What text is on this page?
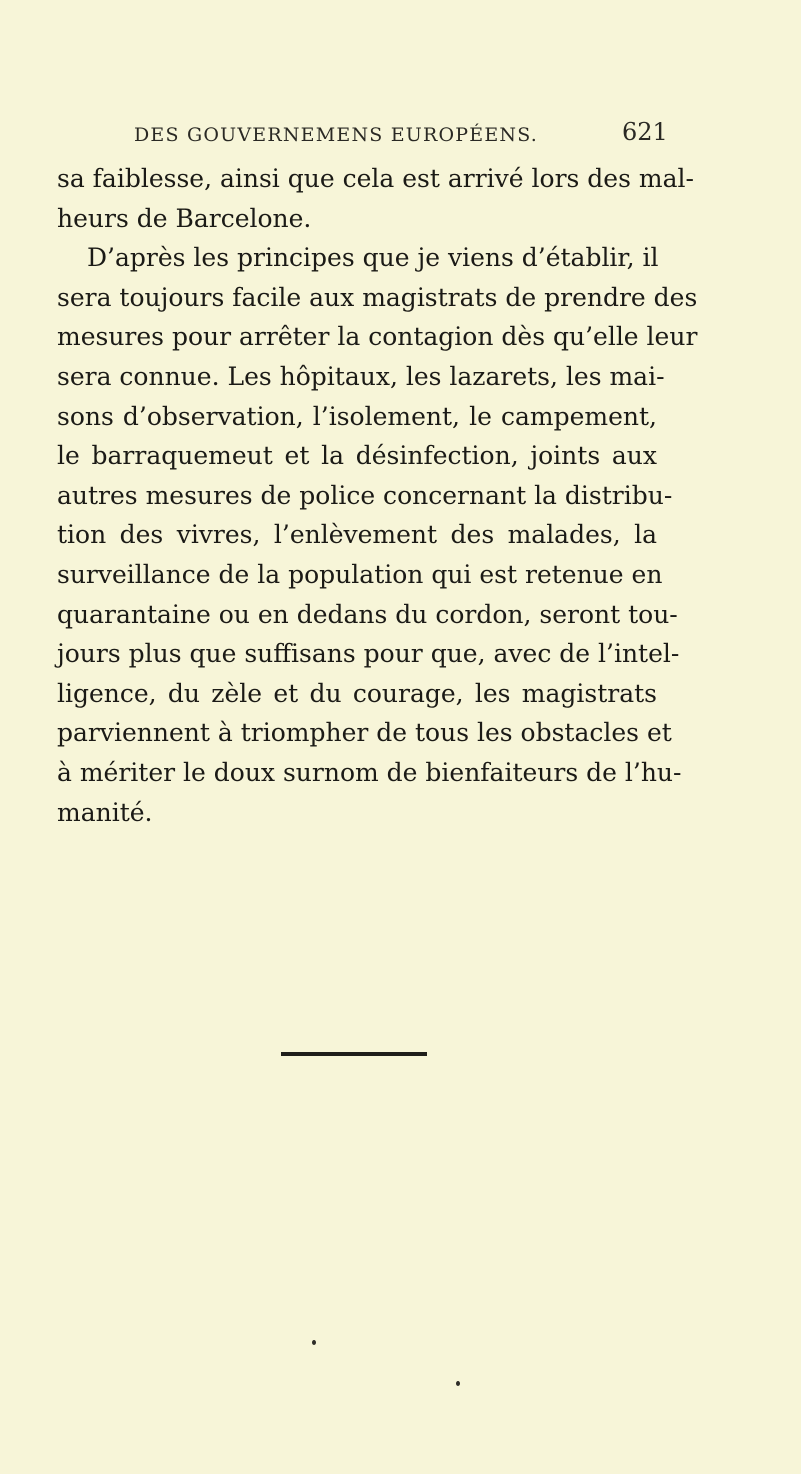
DES GOUVERNEMENS EUROPÉENS.	621
sa faiblesse, ainsi que cela est arrivé lors des mal-
heurs de Barcelone.
D’après les principes que je viens d’établir, il
sera toujours facile aux magistrats de prendre des
mesures pour arrêter la contagion dès qu’elle leur
sera connue. Les hôpitaux, les lazarets, les mai-
sons d’observation, l’isolement, le campement,
le barraquemeut et la désinfection, joints aux
autres mesures de police concernant la distribu-
tion des vivres, l’enlèvement des malades, la
surveillance de la population qui est retenue en
quarantaine ou en dedans du cordon, seront tou-
jours plus que suffisans pour que, avec de l’intel-
ligence, du zèle et du courage, les magistrats
parviennent à triompher de tous les obstacles et
à mériter le doux surnom de bienfaiteurs de l’hu-
manité.
